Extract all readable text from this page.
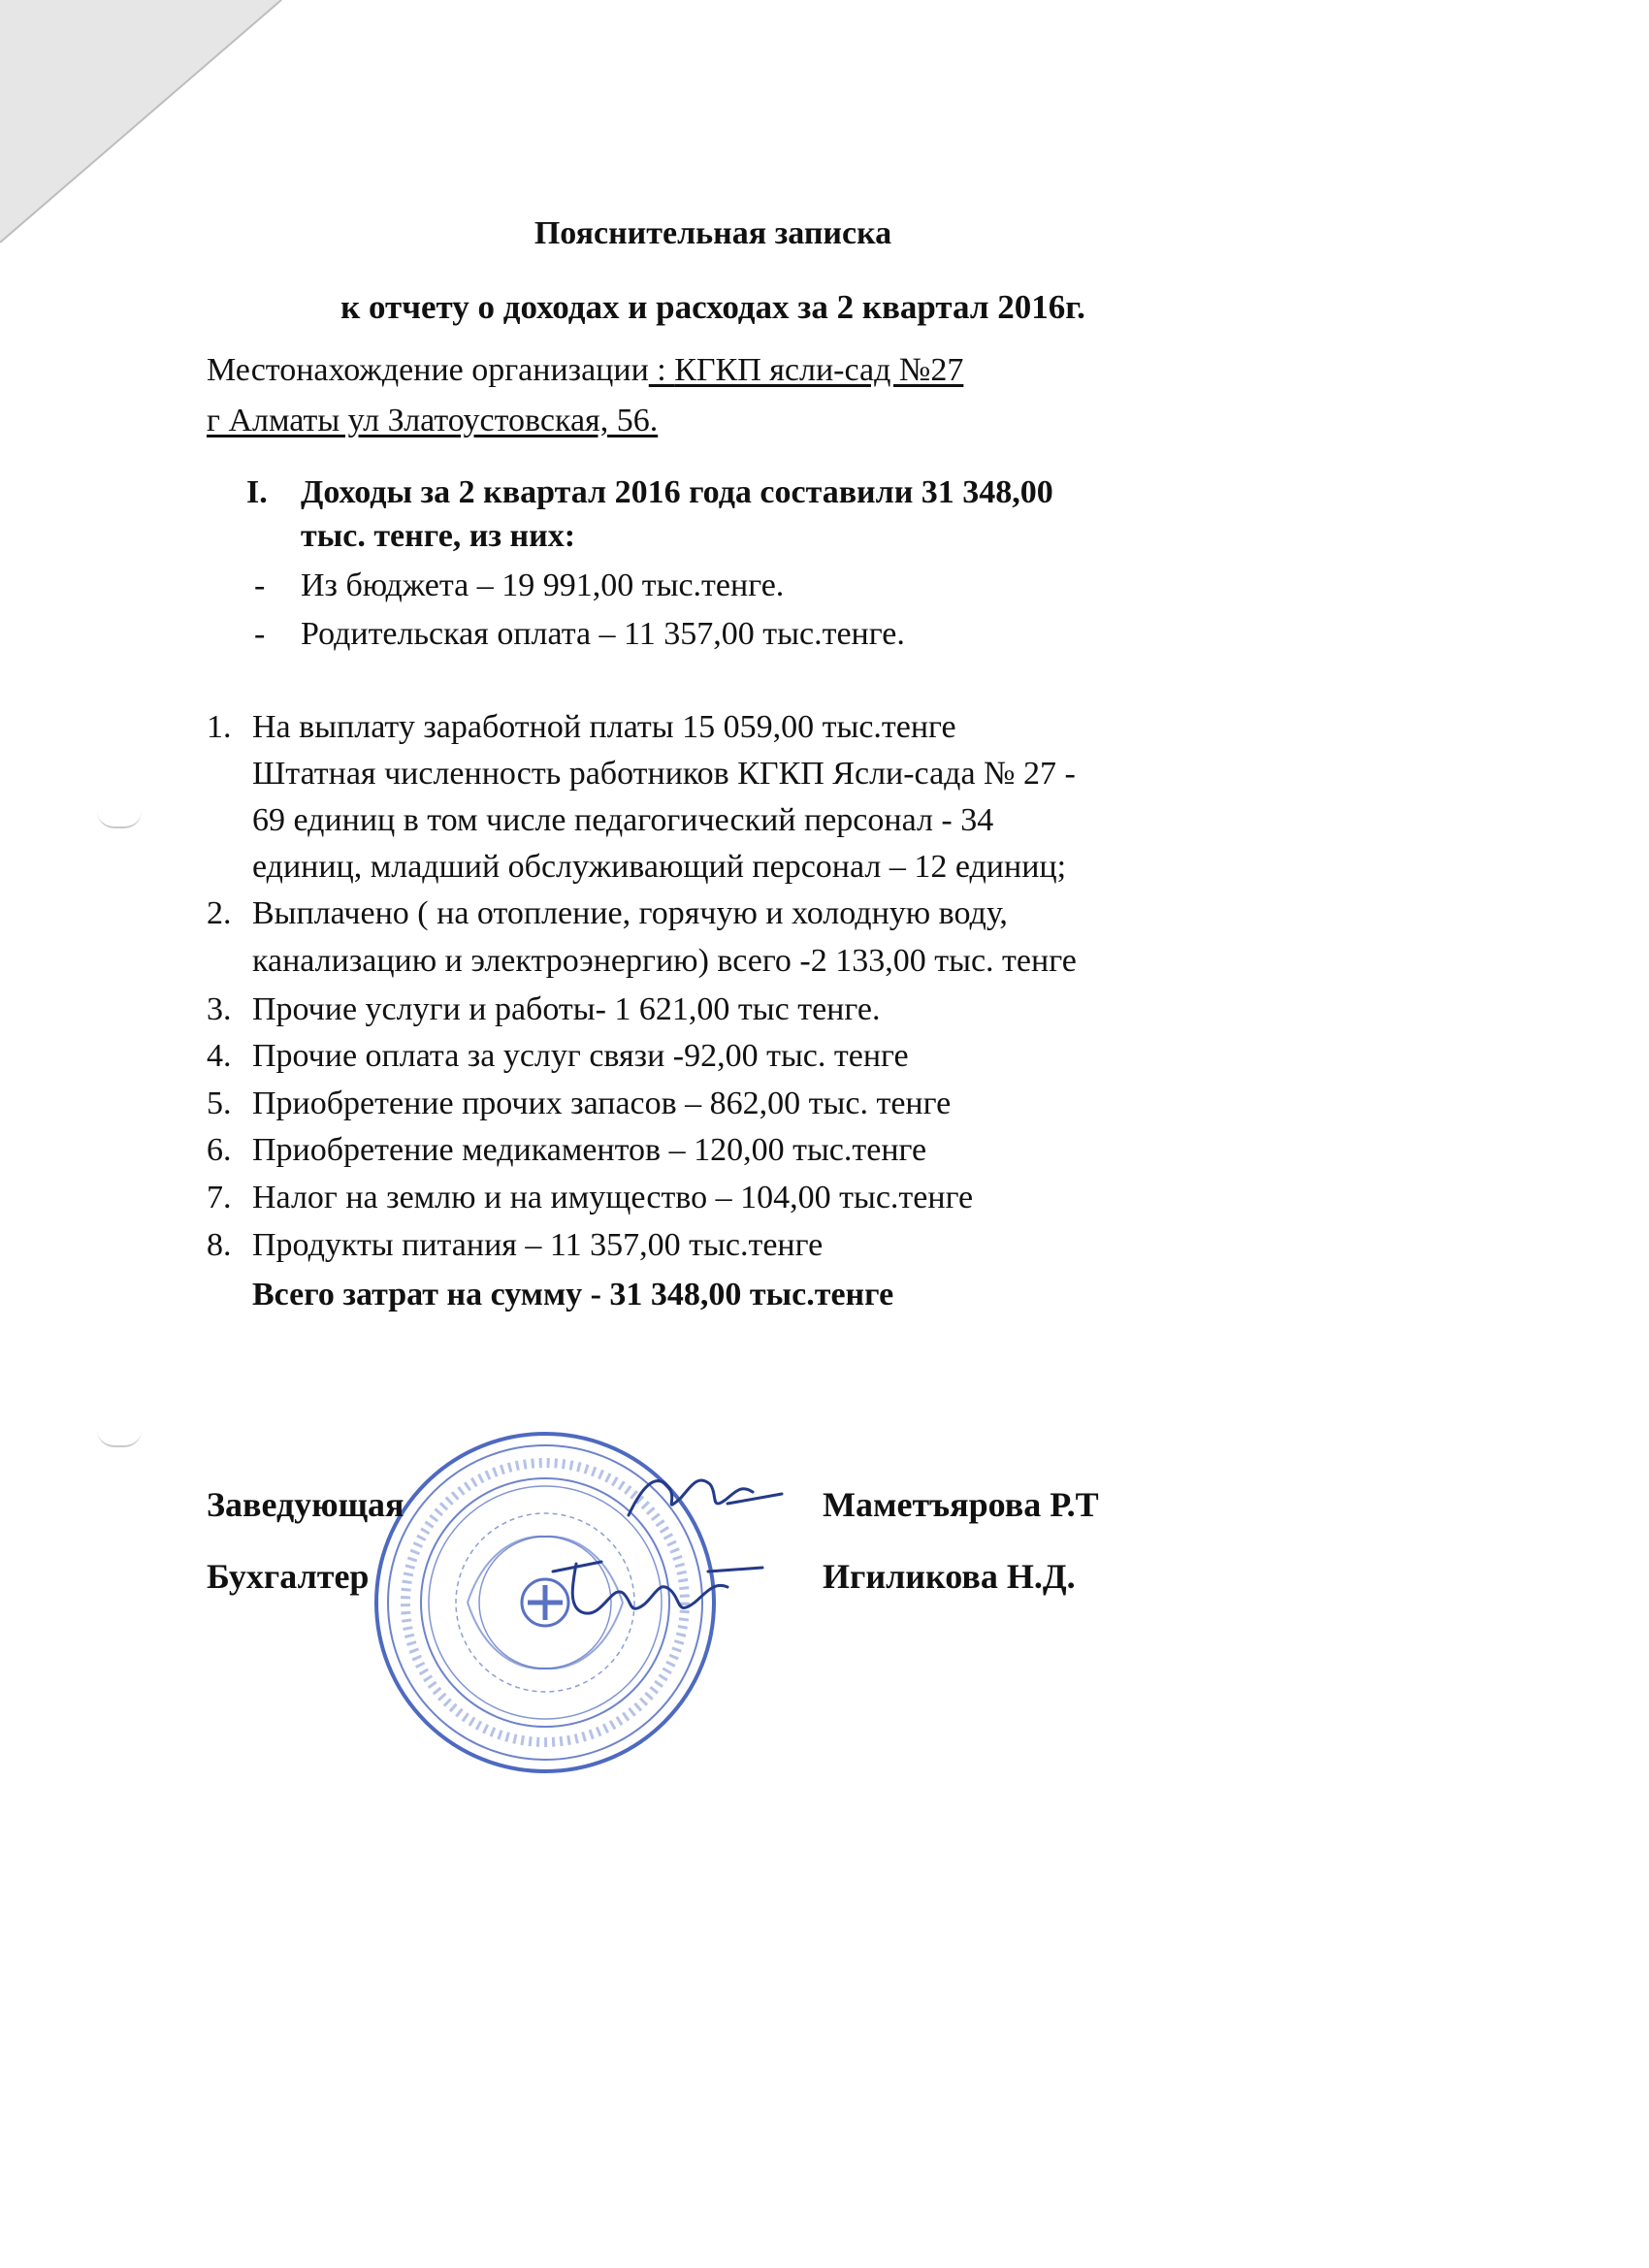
Пояснительная записка
к отчету о доходах и расходах за 2 квартал 2016г.
Местонахождение организации : КГКП ясли-сад №27
г Алматы ул Златоустовская, 56.
I. Доходы за 2 квартал 2016 года составили 31 348,00
тыс. тенге, из них:
- Из бюджета – 19 991,00 тыс.тенге.
- Родительская оплата – 11 357,00 тыс.тенге.
1. На выплату заработной платы 15 059,00 тыс.тенге
Штатная численность работников КГКП Ясли-сада № 27 -
69 единиц в том числе педагогический персонал - 34
единиц, младший обслуживающий персонал – 12 единиц;
2. Выплачено ( на отопление, горячую и холодную воду,
канализацию и электроэнергию) всего -2 133,00 тыс. тенге
3. Прочие услуги и работы- 1 621,00 тыс тенге.
4. Прочие оплата за услуг связи -92,00 тыс. тенге
5. Приобретение прочих запасов – 862,00 тыс. тенге
6. Приобретение медикаментов – 120,00 тыс.тенге
7. Налог на землю и на имущество – 104,00 тыс.тенге
8. Продукты питания – 11 357,00 тыс.тенге
Всего затрат на сумму - 31 348,00 тыс.тенге
Заведующая	Маметъярова Р.Т
Бухгалтер	Игиликова Н.Д.
